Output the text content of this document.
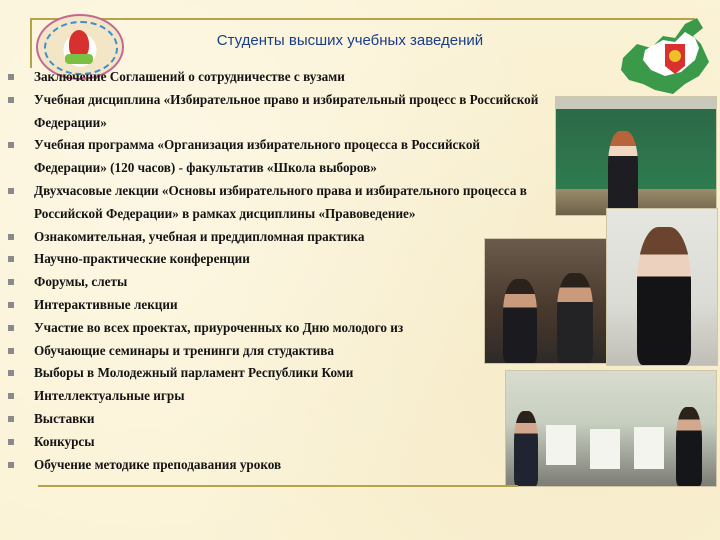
Студенты высших учебных заведений
Заключение Соглашений о сотрудничестве с вузами
Учебная дисциплина «Избирательное право и избирательный процесс в Российской Федерации»
Учебная программа «Организация избирательного процесса в Российской Федерации» (120 часов) - факультатив «Школа выборов»
Двухчасовые лекции «Основы избирательного права и избирательного процесса в Российской Федерации» в рамках дисциплины «Правоведение»
Ознакомительная, учебная и преддипломная практика
Научно-практические конференции
Форумы, слеты
Интерактивные лекции
Участие во всех проектах, приуроченных ко Дню молодого из
Обучающие семинары и тренинги для студактива
Выборы в Молодежный парламент Республики Коми
Интеллектуальные игры
Выставки
Конкурсы
Обучение методике преподавания уроков
